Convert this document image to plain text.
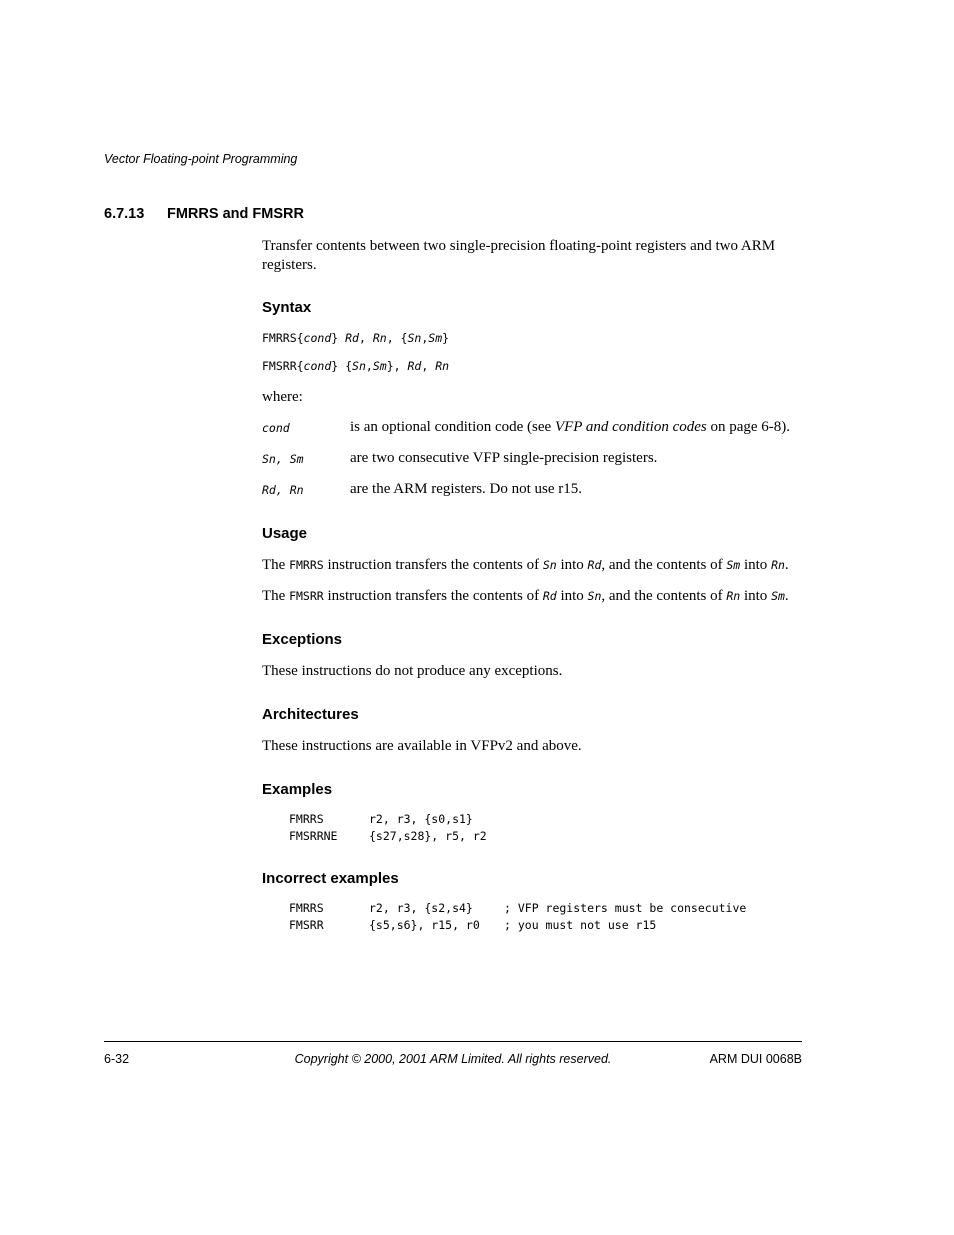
Vector Floating-point Programming
6.7.13 FMRRS and FMSRR
Transfer contents between two single-precision floating-point registers and two ARM
registers.
Syntax
FMRRS{cond} Rd, Rn, {Sn,Sm}
FMSRR{cond} {Sn,Sm}, Rd, Rn
where:
cond	is an optional condition code (see VFP and condition codes on page 6-8).
Sn, Sm	are two consecutive VFP single-precision registers.
Rd, Rn	are the ARM registers. Do not use r15.
Usage
The FMRRS instruction transfers the contents of Sn into Rd, and the contents of Sm into Rn.
The FMSRR instruction transfers the contents of Rd into Sn, and the contents of Rn into Sm.
Exceptions
These instructions do not produce any exceptions.
Architectures
These instructions are available in VFPv2 and above.
Examples
FMRRS	r2, r3, {s0,s1}
FMSRRNE	{s27,s28}, r5, r2
Incorrect examples
FMRRS	r2, r3, {s2,s4}	; VFP registers must be consecutive
FMSRR	{s5,s6}, r15, r0 ; you must not use r15
6-32	Copyright © 2000, 2001 ARM Limited. All rights reserved.	ARM DUI 0068B
